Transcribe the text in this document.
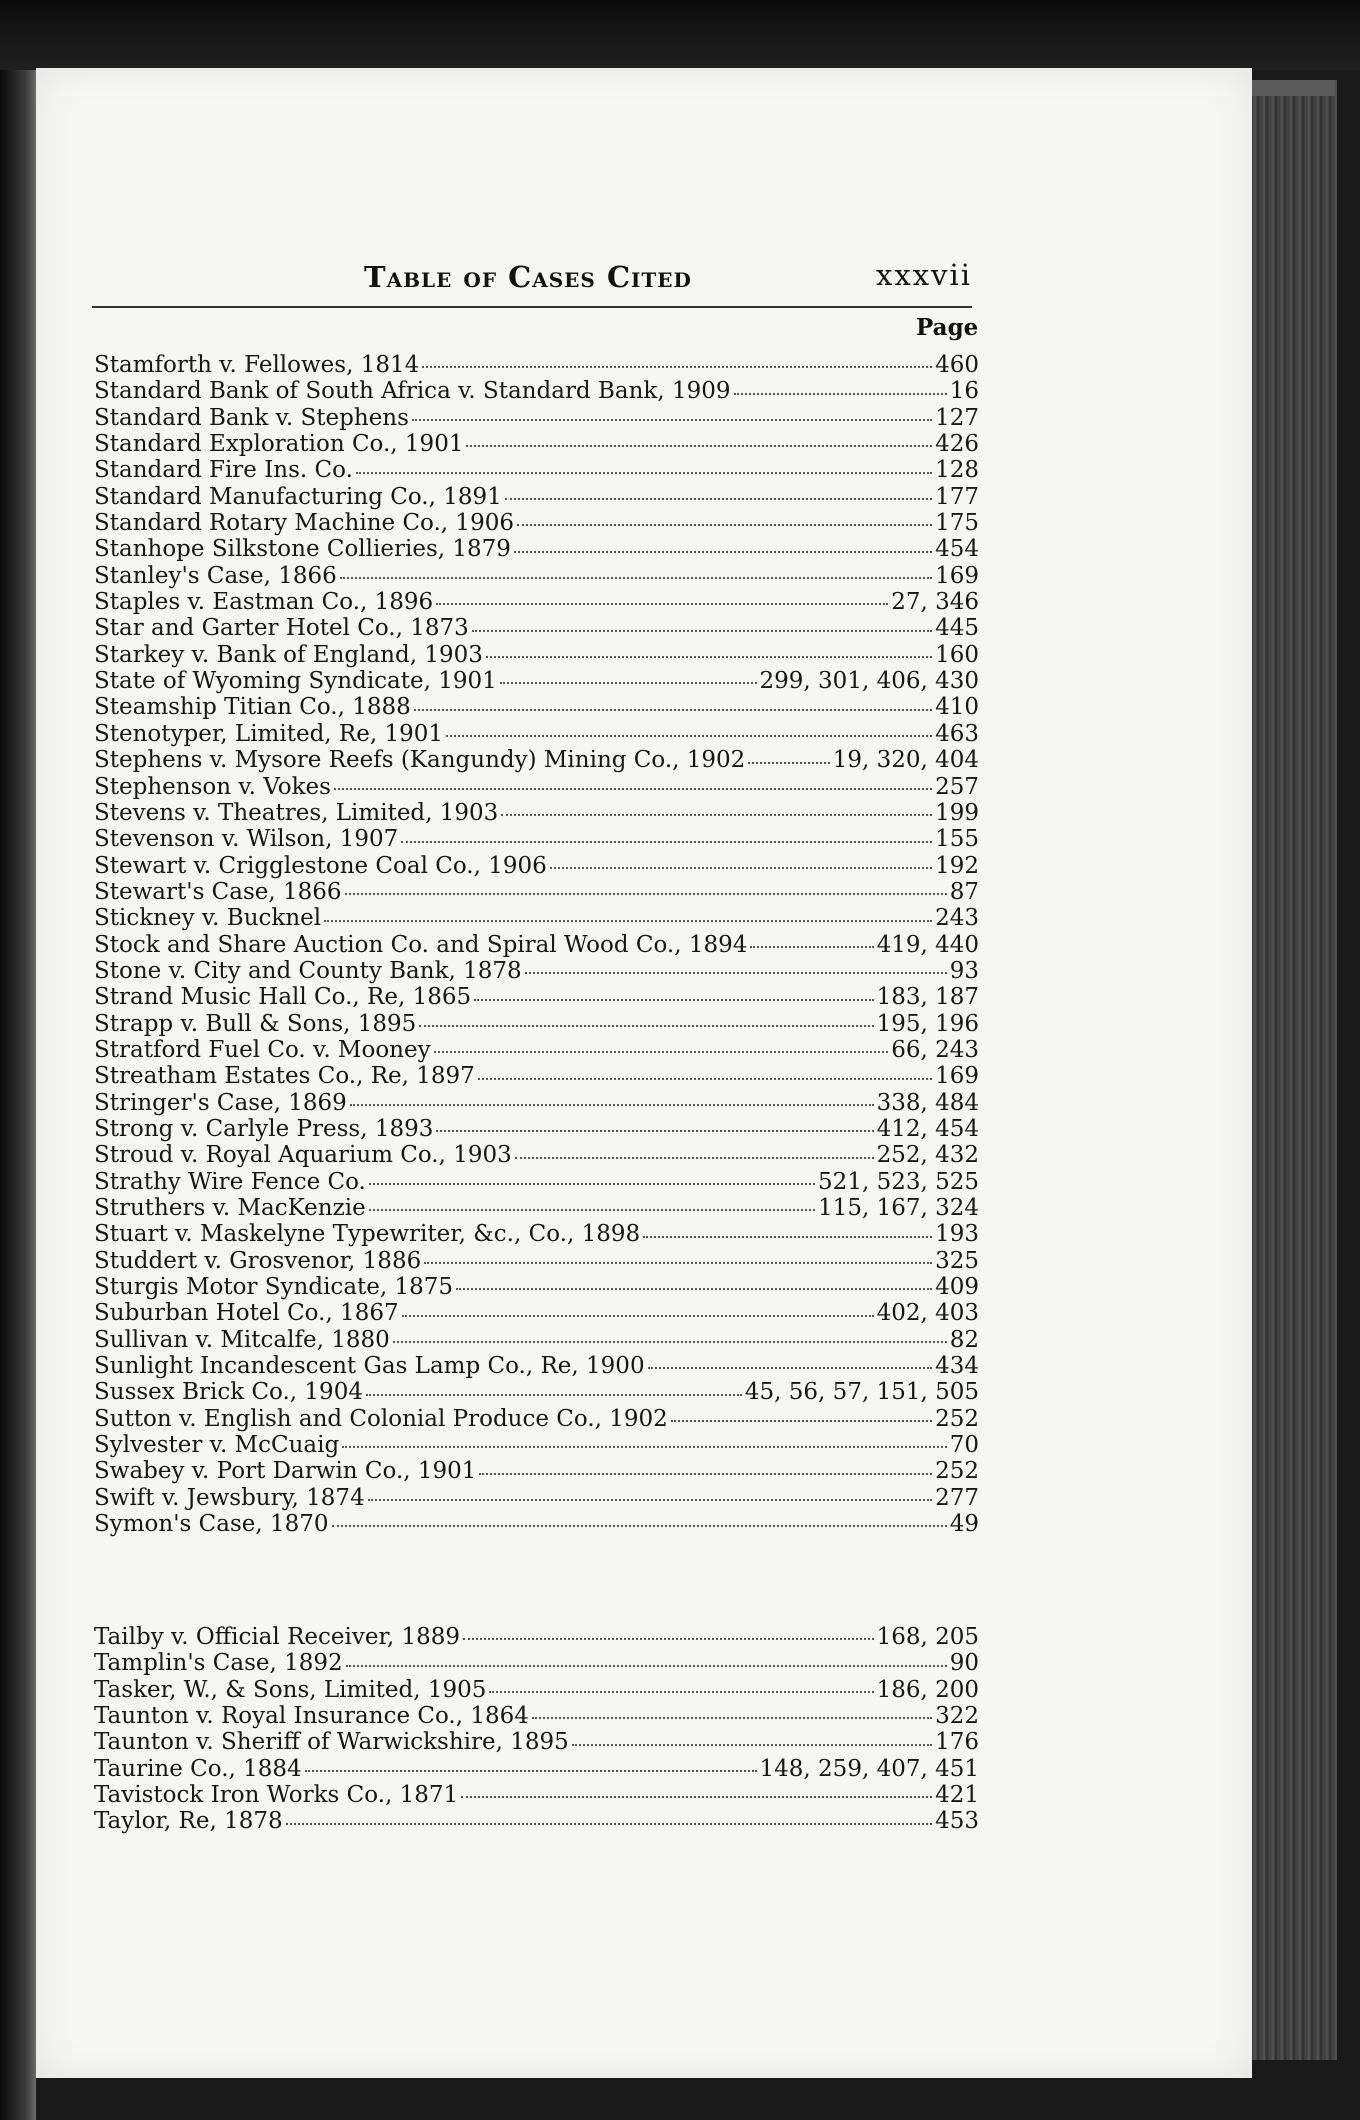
Table of Cases Cited	xxxvii
Page
Stamforth v. Fellowes, 1814	460
Standard Bank of South Africa v. Standard Bank, 1909	16
Standard Bank v. Stephens	127
Standard Exploration Co., 1901	426
Standard Fire Ins. Co.	128
Standard Manufacturing Co., 1891	177
Standard Rotary Machine Co., 1906	175
Stanhope Silkstone Collieries, 1879	454
Stanley's Case, 1866	169
Staples v. Eastman Co., 1896	27, 346
Star and Garter Hotel Co., 1873	445
Starkey v. Bank of England, 1903	160
State of Wyoming Syndicate, 1901	299, 301, 406, 430
Steamship Titian Co., 1888	410
Stenotyper, Limited, Re, 1901	463
Stephens v. Mysore Reefs (Kangundy) Mining Co., 1902	19, 320, 404
Stephenson v. Vokes	257
Stevens v. Theatres, Limited, 1903	199
Stevenson v. Wilson, 1907	155
Stewart v. Crigglestone Coal Co., 1906	192
Stewart's Case, 1866	87
Stickney v. Bucknel	243
Stock and Share Auction Co. and Spiral Wood Co., 1894	419, 440
Stone v. City and County Bank, 1878	93
Strand Music Hall Co., Re, 1865	183, 187
Strapp v. Bull & Sons, 1895	195, 196
Stratford Fuel Co. v. Mooney	66, 243
Streatham Estates Co., Re, 1897	169
Stringer's Case, 1869	338, 484
Strong v. Carlyle Press, 1893	412, 454
Stroud v. Royal Aquarium Co., 1903	252, 432
Strathy Wire Fence Co.	521, 523, 525
Struthers v. MacKenzie	115, 167, 324
Stuart v. Maskelyne Typewriter, &c., Co., 1898	193
Studdert v. Grosvenor, 1886	325
Sturgis Motor Syndicate, 1875	409
Suburban Hotel Co., 1867	402, 403
Sullivan v. Mitcalfe, 1880	82
Sunlight Incandescent Gas Lamp Co., Re, 1900	434
Sussex Brick Co., 1904	45, 56, 57, 151, 505
Sutton v. English and Colonial Produce Co., 1902	252
Sylvester v. McCuaig	70
Swabey v. Port Darwin Co., 1901	252
Swift v. Jewsbury, 1874	277
Symon's Case, 1870	49
Tailby v. Official Receiver, 1889	168, 205
Tamplin's Case, 1892	90
Tasker, W., & Sons, Limited, 1905	186, 200
Taunton v. Royal Insurance Co., 1864	322
Taunton v. Sheriff of Warwickshire, 1895	176
Taurine Co., 1884	148, 259, 407, 451
Tavistock Iron Works Co., 1871	421
Taylor, Re, 1878	453
